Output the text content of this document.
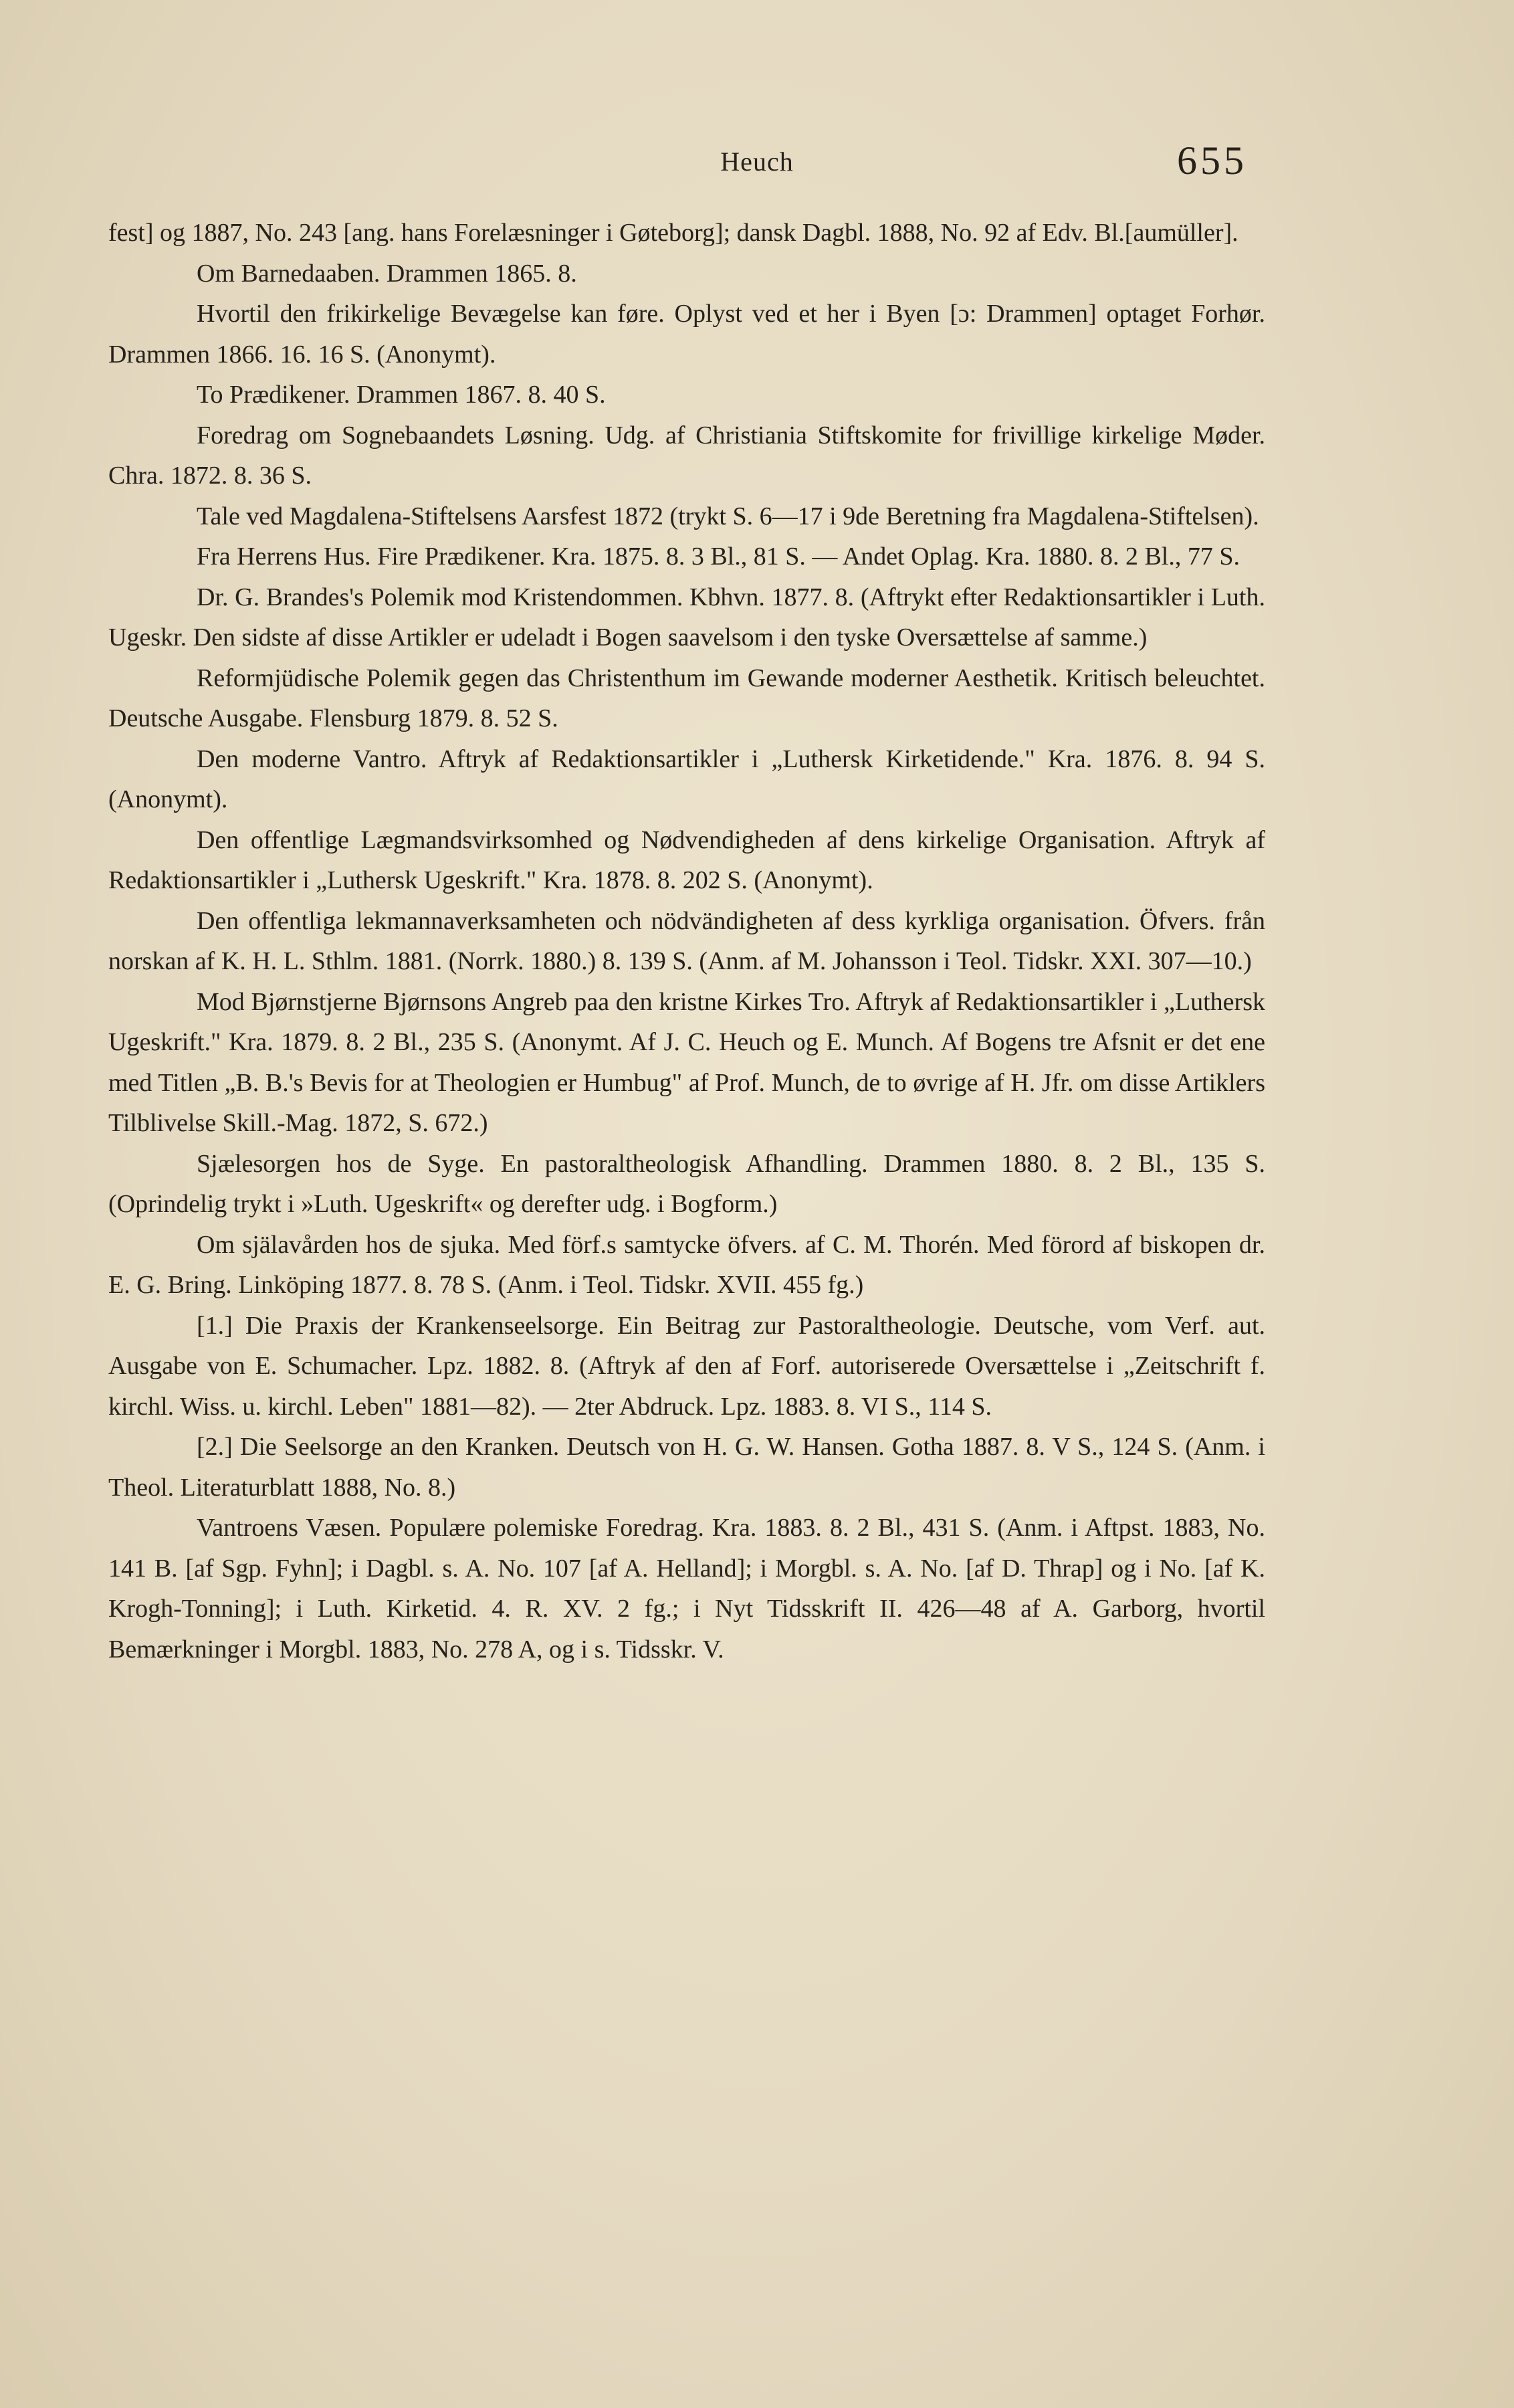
Heuch	655

fest] og 1887, No. 243 [ang. hans Forelæsninger i Gøteborg]; dansk Dagbl. 1888, No. 92 af Edv. Bl.[aumüller].

Om Barnedaaben. Drammen 1865. 8.

Hvortil den frikirkelige Bevægelse kan føre. Oplyst ved et her i Byen [ɔ: Drammen] optaget Forhør. Drammen 1866. 16. 16 S. (Anonymt).

To Prædikener. Drammen 1867. 8. 40 S.

Foredrag om Sognebaandets Løsning. Udg. af Christiania Stiftskomite for frivillige kirkelige Møder. Chra. 1872. 8. 36 S.

Tale ved Magdalena-Stiftelsens Aarsfest 1872 (trykt S. 6—17 i 9de Beretning fra Magdalena-Stiftelsen).

Fra Herrens Hus. Fire Prædikener. Kra. 1875. 8. 3 Bl., 81 S. — Andet Oplag. Kra. 1880. 8. 2 Bl., 77 S.

Dr. G. Brandes's Polemik mod Kristendommen. Kbhvn. 1877. 8. (Aftrykt efter Redaktionsartikler i Luth. Ugeskr. Den sidste af disse Artikler er udeladt i Bogen saavelsom i den tyske Oversættelse af samme.)

Reformjüdische Polemik gegen das Christenthum im Gewande moderner Aesthetik. Kritisch beleuchtet. Deutsche Ausgabe. Flensburg 1879. 8. 52 S.

Den moderne Vantro. Aftryk af Redaktionsartikler i „Luthersk Kirketidende." Kra. 1876. 8. 94 S. (Anonymt).

Den offentlige Lægmandsvirksomhed og Nødvendigheden af dens kirkelige Organisation. Aftryk af Redaktionsartikler i „Luthersk Ugeskrift." Kra. 1878. 8. 202 S. (Anonymt).

Den offentliga lekmannaverksamheten och nödvändigheten af dess kyrkliga organisation. Öfvers. från norskan af K. H. L. Sthlm. 1881. (Norrk. 1880.) 8. 139 S. (Anm. af M. Johansson i Teol. Tidskr. XXI. 307—10.)

Mod Bjørnstjerne Bjørnsons Angreb paa den kristne Kirkes Tro. Aftryk af Redaktionsartikler i „Luthersk Ugeskrift." Kra. 1879. 8. 2 Bl., 235 S. (Anonymt. Af J. C. Heuch og E. Munch. Af Bogens tre Afsnit er det ene med Titlen „B. B.'s Bevis for at Theologien er Humbug" af Prof. Munch, de to øvrige af H. Jfr. om disse Artiklers Tilblivelse Skill.-Mag. 1872, S. 672.)

Sjælesorgen hos de Syge. En pastoraltheologisk Afhandling. Drammen 1880. 8. 2 Bl., 135 S. (Oprindelig trykt i »Luth. Ugeskrift« og derefter udg. i Bogform.)

Om själavården hos de sjuka. Med förf.s samtycke öfvers. af C. M. Thorén. Med förord af biskopen dr. E. G. Bring. Linköping 1877. 8. 78 S. (Anm. i Teol. Tidskr. XVII. 455 fg.)

[1.] Die Praxis der Krankenseelsorge. Ein Beitrag zur Pastoraltheologie. Deutsche, vom Verf. aut. Ausgabe von E. Schumacher. Lpz. 1882. 8. (Aftryk af den af Forf. autoriserede Oversættelse i „Zeitschrift f. kirchl. Wiss. u. kirchl. Leben" 1881—82). — 2ter Abdruck. Lpz. 1883. 8. VI S., 114 S.

[2.] Die Seelsorge an den Kranken. Deutsch von H. G. W. Hansen. Gotha 1887. 8. V S., 124 S. (Anm. i Theol. Literaturblatt 1888, No. 8.)

Vantroens Væsen. Populære polemiske Foredrag. Kra. 1883. 8. 2 Bl., 431 S. (Anm. i Aftpst. 1883, No. 141 B. [af Sgp. Fyhn]; i Dagbl. s. A. No. 107 [af A. Helland]; i Morgbl. s. A. No. [af D. Thrap] og i No. [af K. Krogh-Tonning]; i Luth. Kirketid. 4. R. XV. 2 fg.; i Nyt Tidsskrift II. 426—48 af A. Garborg, hvortil Bemærkninger i Morgbl. 1883, No. 278 A, og i s. Tidsskr. V.
